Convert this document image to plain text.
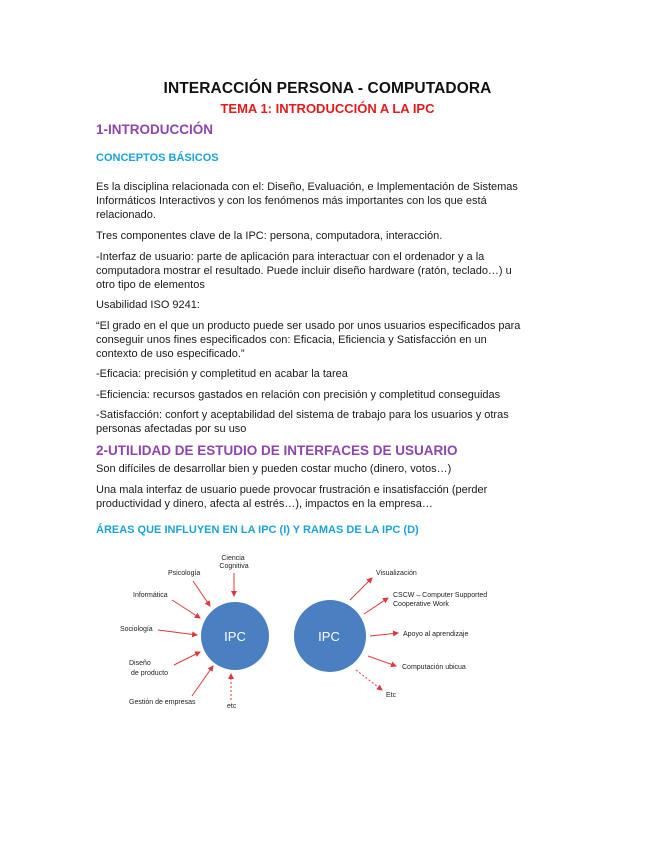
INTERACCIÓN PERSONA - COMPUTADORA
TEMA 1: INTRODUCCIÓN A LA IPC
1-INTRODUCCIÓN
CONCEPTOS BÁSICOS
Es la disciplina relacionada con el: Diseño, Evaluación, e Implementación de Sistemas
Informáticos Interactivos y con los fenómenos más importantes con los que está
relacionado.
Tres componentes clave de la IPC: persona, computadora, interacción.
-Interfaz de usuario: parte de aplicación para interactuar con el ordenador y a la
computadora mostrar el resultado. Puede incluir diseño hardware (ratón, teclado…) u
otro tipo de elementos
Usabilidad ISO 9241:
“El grado en el que un producto puede ser usado por unos usuarios especificados para
conseguir unos fines especificados con: Eficacia, Eficiencia y Satisfacción en un
contexto de uso especificado.”
-Eficacia: precisión y completitud en acabar la tarea
-Eficiencia: recursos gastados en relación con precisión y completitud conseguidas
-Satisfacción: confort y aceptabilidad del sistema de trabajo para los usuarios y otras
personas afectadas por su uso
2-UTILIDAD DE ESTUDIO DE INTERFACES DE USUARIO
Son difíciles de desarrollar bien y pueden costar mucho (dinero, votos…)
Una mala interfaz de usuario puede provocar frustración e insatisfacción (perder
productividad y dinero, afecta al estrés…), impactos en la empresa…
ÁREAS QUE INFLUYEN EN LA IPC (I) Y RAMAS DE LA IPC (D)
IPC
Ciencia Cognitiva
Psicología
Informática
Sociología
Diseño de producto
Gestión de empresas
etc
IPC
Visualización
CSCW – Computer Supported Cooperative Work
Apoyo al aprendizaje
Computación ubicua
Etc
